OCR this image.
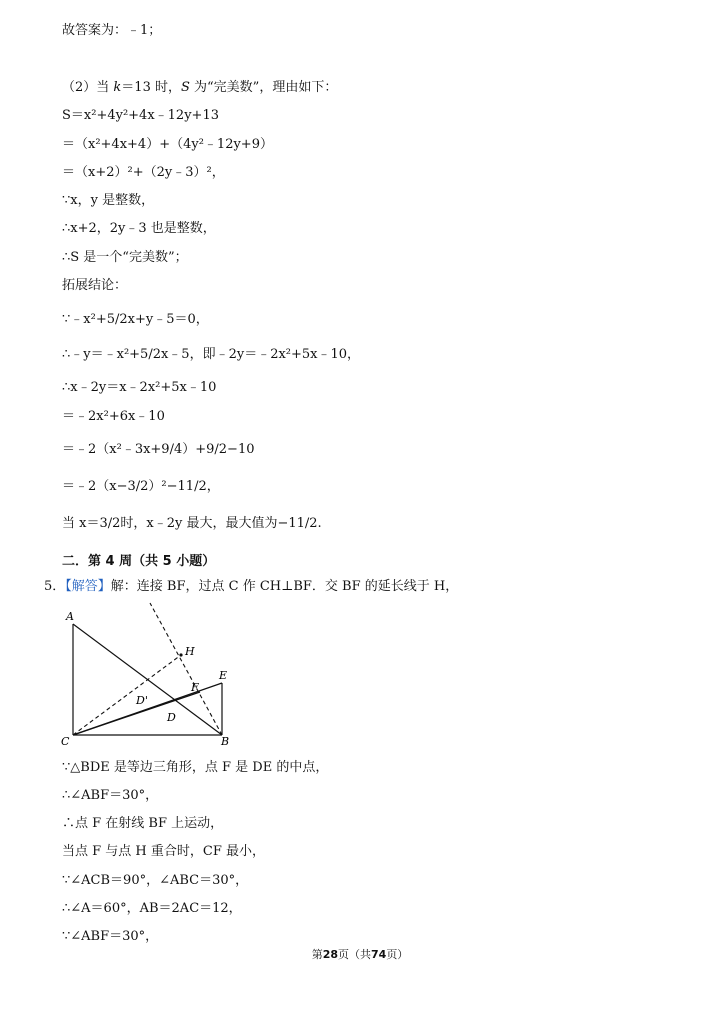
故答案为：﹣1；
（2）当 k＝13 时，S 为“完美数”，理由如下：
S＝x²+4y²+4x﹣12y+13
＝（x²+4x+4）+（4y²﹣12y+9）
＝（x+2）²+（2y﹣3）²，
∵x，y 是整数，
∴x+2，2y﹣3 也是整数，
∴S 是一个“完美数”；
拓展结论：
∵﹣x²+5/2x+y﹣5＝0，
∴﹣y＝﹣x²+5/2x﹣5，即﹣2y＝﹣2x²+5x﹣10，
∴x﹣2y＝x﹣2x²+5x﹣10
＝﹣2x²+6x﹣10
＝﹣2（x²﹣3x+9/4）+9/2−10
＝﹣2（x−3/2）²−11/2，
当 x＝3/2时，x﹣2y 最大，最大值为−11/2.
二．第 4 周（共 5 小题）
5．【解答】解：连接 BF，过点 C 作 CH⊥BF．交 BF 的延长线于 H，
A
H
E
F
D'
D
C	B
∵△BDE 是等边三角形，点 F 是 DE 的中点，
∴∠ABF＝30°，
∴点 F 在射线 BF 上运动，
当点 F 与点 H 重合时，CF 最小，
∵∠ACB＝90°，∠ABC＝30°，
∴∠A＝60°，AB＝2AC＝12，
∵∠ABF＝30°，
第28页（共74页）
